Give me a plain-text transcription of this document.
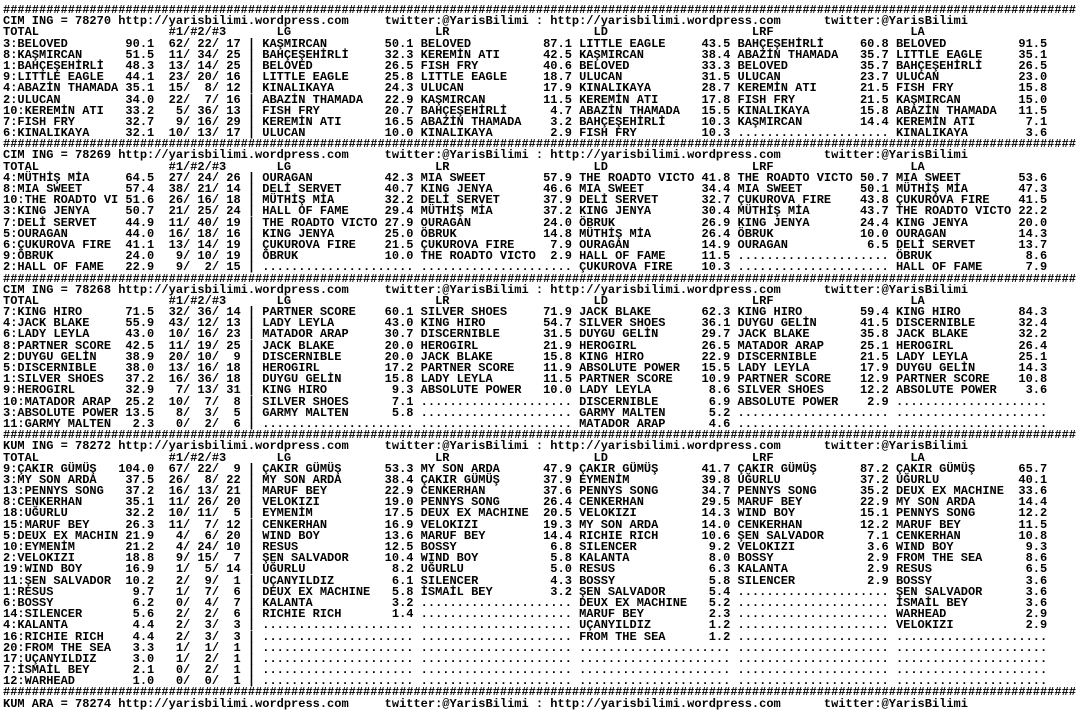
#####################################################################################################################################################
CIM ING = 78270 http://yarisbilimi.wordpress.com     twitter:@YarisBilimi : http://yarisbilimi.wordpress.com      twitter:@YarisBilimi
TOTAL                  #1/#2/#3       LG                    LR                    LD                    LRF                   LA
3:BELOVED        90.1  62/ 22/ 17 | KAŞMIRCAN        50.1 BELOVED          87.1 LITTLE EAGLE     43.5 BAHÇEŞEHİRLİ     60.8 BELOVED          91.5
8:KAŞMIRCAN      51.5  11/ 34/ 25 | BAHÇEŞEHİRLİ     32.3 KEREMİN ATI      42.5 KAŞMIRCAN        38.4 ABAZİN THAMADA   35.7 LITTLE EAGLE     35.1
1:BAHÇEŞEHİRLİ   48.3  13/ 14/ 25 | BELOVED          26.5 FISH FRY         40.6 BELOVED          33.3 BELOVED          35.7 BAHÇEŞEHİRLİ     26.5
9:LITTLE EAGLE   44.1  23/ 20/ 16 | LITTLE EAGLE     25.8 LITTLE EAGLE     18.7 ULUCAN           31.5 ULUCAN           23.7 ULUCAN           23.0
4:ABAZİN THAMADA 35.1  15/  8/ 12 | KINALIKAYA       24.3 ULUCAN           17.9 KINALIKAYA       28.7 KEREMİN ATI      21.5 FISH FRY         15.8
2:ULUCAN         34.0  22/  7/ 16 | ABAZİN THAMADA   22.9 KAŞMIRCAN        11.5 KEREMİN ATI      17.8 FISH FRY         21.5 KAŞMIRCAN        15.0
10:KEREMİN ATI   33.2   5/ 36/ 13 | FISH FRY         20.7 BAHÇEŞEHİRLİ      4.7 ABAZİN THAMADA   15.5 KINALIKAYA       15.8 ABAZİN THAMADA   11.5
7:FISH FRY       32.7   9/ 16/ 29 | KEREMİN ATI      16.5 ABAZİN THAMADA    3.2 BAHÇEŞEHİRLİ     10.3 KAŞMIRCAN        14.4 KEREMİN ATI       7.1
6:KINALIKAYA     32.1  10/ 13/ 17 | ULUCAN           10.0 KINALIKAYA        2.9 FISH FRY         10.3 ..................... KINALIKAYA        3.6
#####################################################################################################################################################
CIM ING = 78269 http://yarisbilimi.wordpress.com     twitter:@YarisBilimi : http://yarisbilimi.wordpress.com      twitter:@YarisBilimi
TOTAL                  #1/#2/#3       LG                    LR                    LD                    LRF                   LA
4:MÜTHİŞ MİA     64.5  27/ 24/ 26 | OURAGAN          42.3 MIA SWEET        57.9 THE ROADTO VICTO 41.8 THE ROADTO VICTO 50.7 MIA SWEET        53.6
8:MIA SWEET      57.4  38/ 21/ 14 | DELİ SERVET      40.7 KING JENYA       46.6 MIA SWEET        34.4 MIA SWEET        50.1 MÜTHİŞ MİA       47.3
10:THE ROADTO VI 51.6  26/ 16/ 18 | MÜTHİŞ MİA       32.2 DELİ SERVET      37.9 DELİ SERVET      32.7 ÇUKUROVA FIRE    43.8 ÇUKUROVA FIRE    41.5
3:KING JENYA     50.7  21/ 25/ 24 | HALL OF FAME     29.4 MÜTHİŞ MİA       37.2 KING JENYA       30.4 MÜTHİŞ MİA       43.7 THE ROADTO VICTO 22.2
7:DELİ SERVET    44.9  11/ 40/ 19 | THE ROADTO VICTO 27.9 OURAGAN          24.0 ÖBRUK            26.9 KING JENYA       24.4 KING JENYA       20.0
5:OURAGAN        44.0  16/ 18/ 16 | KING JENYA       25.0 ÖBRUK            14.8 MÜTHİŞ MİA       26.4 ÖBRUK            10.0 OURAGAN          14.3
6:ÇUKUROVA FIRE  41.1  13/ 14/ 19 | ÇUKUROVA FIRE    21.5 ÇUKUROVA FIRE     7.9 OURAGAN          14.9 OURAGAN           6.5 DELİ SERVET      13.7
9:ÖBRUK          24.0   9/ 10/ 19 | ÖBRUK            10.0 THE ROADTO VICTO  2.9 HALL OF FAME     11.5 ..................... ÖBRUK             8.6
2:HALL OF FAME   22.9   9/  2/ 15 | ..................... ..................... ÇUKUROVA FIRE    10.3 ..................... HALL OF FAME      7.9
#####################################################################################################################################################
CIM ING = 78268 http://yarisbilimi.wordpress.com     twitter:@YarisBilimi : http://yarisbilimi.wordpress.com      twitter:@YarisBilimi
TOTAL                  #1/#2/#3       LG                    LR                    LD                    LRF                   LA
7:KING HIRO      71.5  32/ 36/ 14 | PARTNER SCORE    60.1 SILVER SHOES     71.9 JACK BLAKE       62.3 KING HIRO        59.4 KING HIRO        84.3
4:JACK BLAKE     55.9  43/ 12/ 13 | LADY LEYLA       43.0 KING HIRO        54.7 SILVER SHOES     36.1 DUYGU GELİN      41.5 DISCERNIBLE      32.4
6:LADY LEYLA     43.0  10/ 16/ 23 | MATADOR ARAP     30.7 DISCERNIBLE      31.5 DUYGU GELİN      29.7 JACK BLAKE       35.8 JACK BLAKE       32.2
8:PARTNER SCORE  42.5  11/ 19/ 25 | JACK BLAKE       20.0 HEROGIRL         21.9 HEROGIRL         26.5 MATADOR ARAP     25.1 HEROGIRL         26.4
2:DUYGU GELİN    38.9  20/ 10/  9 | DISCERNIBLE      20.0 JACK BLAKE       15.8 KING HIRO        22.9 DISCERNIBLE      21.5 LADY LEYLA       25.1
5:DISCERNIBLE    38.0  13/ 16/ 18 | HEROGIRL         17.2 PARTNER SCORE    11.9 ABSOLUTE POWER   15.5 LADY LEYLA       17.9 DUYGU GELİN      14.3
1:SILVER SHOES   37.2  16/ 36/ 18 | DUYGU GELİN      15.8 LADY LEYLA       11.5 PARTNER SCORE    10.9 PARTNER SCORE    12.9 PARTNER SCORE    10.8
9:HEROGIRL       32.9   7/ 13/ 31 | KING HIRO         9.3 ABSOLUTE POWER   10.0 LADY LEYLA        8.6 SILVER SHOES     12.2 ABSOLUTE POWER    3.6
10:MATADOR ARAP  25.2  10/  7/  8 | SILVER SHOES      7.1 ..................... DISCERNIBLE       6.9 ABSOLUTE POWER    2.9 .....................
3:ABSOLUTE POWER 13.5   8/  3/  5 | GARMY MALTEN      5.8 ..................... GARMY MALTEN      5.2 ..................... .....................
11:GARMY MALTEN   2.3   0/  2/  6 | ..................... ..................... MATADOR ARAP      4.6 ..................... .....................
#####################################################################################################################################################
KUM ING = 78272 http://yarisbilimi.wordpress.com     twitter:@YarisBilimi : http://yarisbilimi.wordpress.com      twitter:@YarisBilimi
TOTAL                  #1/#2/#3       LG                    LR                    LD                    LRF                   LA
9:ÇAKIR GÜMÜŞ   104.0  67/ 22/  9 | ÇAKIR GÜMÜŞ      53.3 MY SON ARDA      47.9 ÇAKIR GÜMÜŞ      41.7 ÇAKIR GÜMÜŞ      87.2 ÇAKIR GÜMÜŞ      65.7
3:MY SON ARDA    37.5  26/  8/ 22 | MY SON ARDA      38.4 ÇAKIR GÜMÜŞ      37.9 EYMENİM          39.8 UĞURLU           37.2 UĞURLU           40.1
13:PENNYS SONG   37.2  16/ 13/ 21 | MARUF BEY        22.9 CENKERHAN        37.6 PENNYS SONG      34.7 PENNYS SONG      35.2 DEUX EX MACHINE  33.6
8:CENKERHAN      35.1  11/ 26/ 20 | VELOKIZI         19.0 PENNYS SONG      26.4 CENKERHAN        29.5 MARUF BEY        22.9 MY SON ARDA      14.4
18:UĞURLU        32.2  10/ 11/  5 | EYMENİM          17.5 DEUX EX MACHINE  20.5 VELOKIZI         14.3 WIND BOY         15.1 PENNYS SONG      12.2
15:MARUF BEY     26.3  11/  7/ 12 | CENKERHAN        16.9 VELOKIZI         19.3 MY SON ARDA      14.0 CENKERHAN        12.2 MARUF BEY        11.5
5:DEUX EX MACHIN 21.9   4/  6/ 20 | WIND BOY         13.6 MARUF BEY        14.4 RICHIE RICH      10.6 ŞEN SALVADOR      7.1 CENKERHAN        10.8
10:EYMENİM       21.2   4/ 24/ 10 | RESUS            12.5 BOSSY             6.8 SILENCER          9.2 VELOKIZI          3.6 WIND BOY          9.3
2:VELOKIZI       18.8   9/ 15/  7 | ŞEN SALVADOR     10.4 WIND BOY          5.8 KALANTA           8.0 BOSSY             2.9 FROM THE SEA      8.6
19:WIND BOY      16.9   1/  5/ 14 | UĞURLU            8.2 UĞURLU            5.0 RESUS             6.3 KALANTA           2.9 RESUS             6.5
11:ŞEN SALVADOR  10.2   2/  9/  1 | UÇANYILDIZ        6.1 SILENCER          4.3 BOSSY             5.8 SILENCER          2.9 BOSSY             3.6
1:RESUS           9.7   1/  7/  6 | DEUX EX MACHINE   5.8 İSMAİL BEY        3.2 ŞEN SALVADOR      5.4 ..................... ŞEN SALVADOR      3.6
6:BOSSY           6.2   0/  4/  7 | KALANTA           3.2 ..................... DEUX EX MACHINE   5.2 ..................... İSMAİL BEY        3.6
14:SILENCER       5.6   2/  2/  6 | RICHIE RICH       1.4 ..................... MARUF BEY         2.3 ..................... WARHEAD           2.9
4:KALANTA         4.4   2/  3/  3 | ..................... ..................... UÇANYILDIZ        1.2 ..................... VELOKIZI          2.9
16:RICHIE RICH    4.4   2/  3/  3 | ..................... ..................... FROM THE SEA      1.2 ..................... .....................
20:FROM THE SEA   3.3   1/  1/  1 | ..................... ..................... ..................... ..................... .....................
17:UÇANYILDIZ     3.0   1/  2/  1 | ..................... ..................... ..................... ..................... .....................
7:İSMAİL BEY      2.1   0/  2/  1 | ..................... ..................... ..................... ..................... .....................
12:WARHEAD        1.0   0/  0/  1 | ..................... ..................... ..................... ..................... .....................
#####################################################################################################################################################
KUM ARA = 78274 http://yarisbilimi.wordpress.com     twitter:@YarisBilimi : http://yarisbilimi.wordpress.com      twitter:@YarisBilimi
